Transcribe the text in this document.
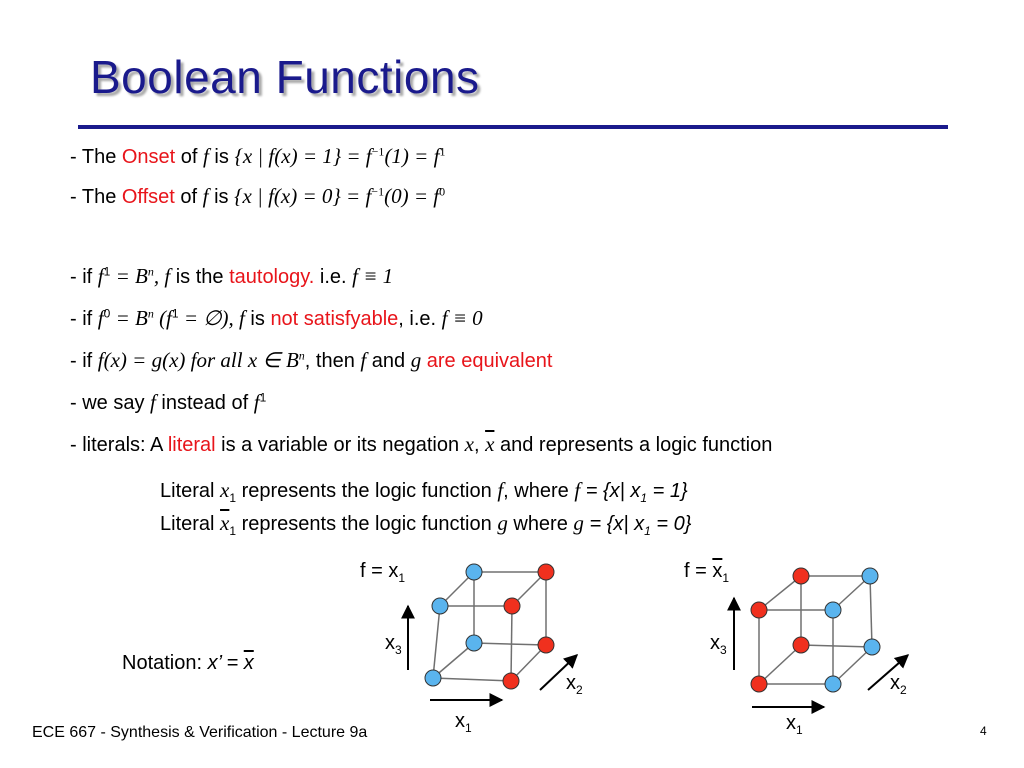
Boolean Functions
- The Onset of f is {x | $f(x) = 1\} = f^{-1}(1) = f^1$
- The Offset of f is {x | $f(x) = 0\} = f^{-1}(0) = f^0$
- if $f^1 = B^n$, f is the tautology. i.e. f ≡ 1
- if $f^0 = B^n$ ($f^1$ = ∅), f is not satisfyable, i.e. f ≡ 0
- if f(x) = g(x) for all x ∈ $B^n$, then f and g are equivalent
- we say f instead of $f^1$
- literals: A literal is a variable or its negation x, $\overline{x}$ and represents a logic function
Literal $x_1$ represents the logic function f, where f = {x| $x_1 = 1$}
Literal $\overline{x}_1$ represents the logic function g where g = {x| $x_1 = 0$}
Notation: x’ = $\overline{x}$
$f = x_1$
$x_3$
$x_2$
$x_1$
$f = \overline{x}_1$
$x_3$
$x_2$
$x_1$
ECE 667 - Synthesis & Verification - Lecture 9a	4
